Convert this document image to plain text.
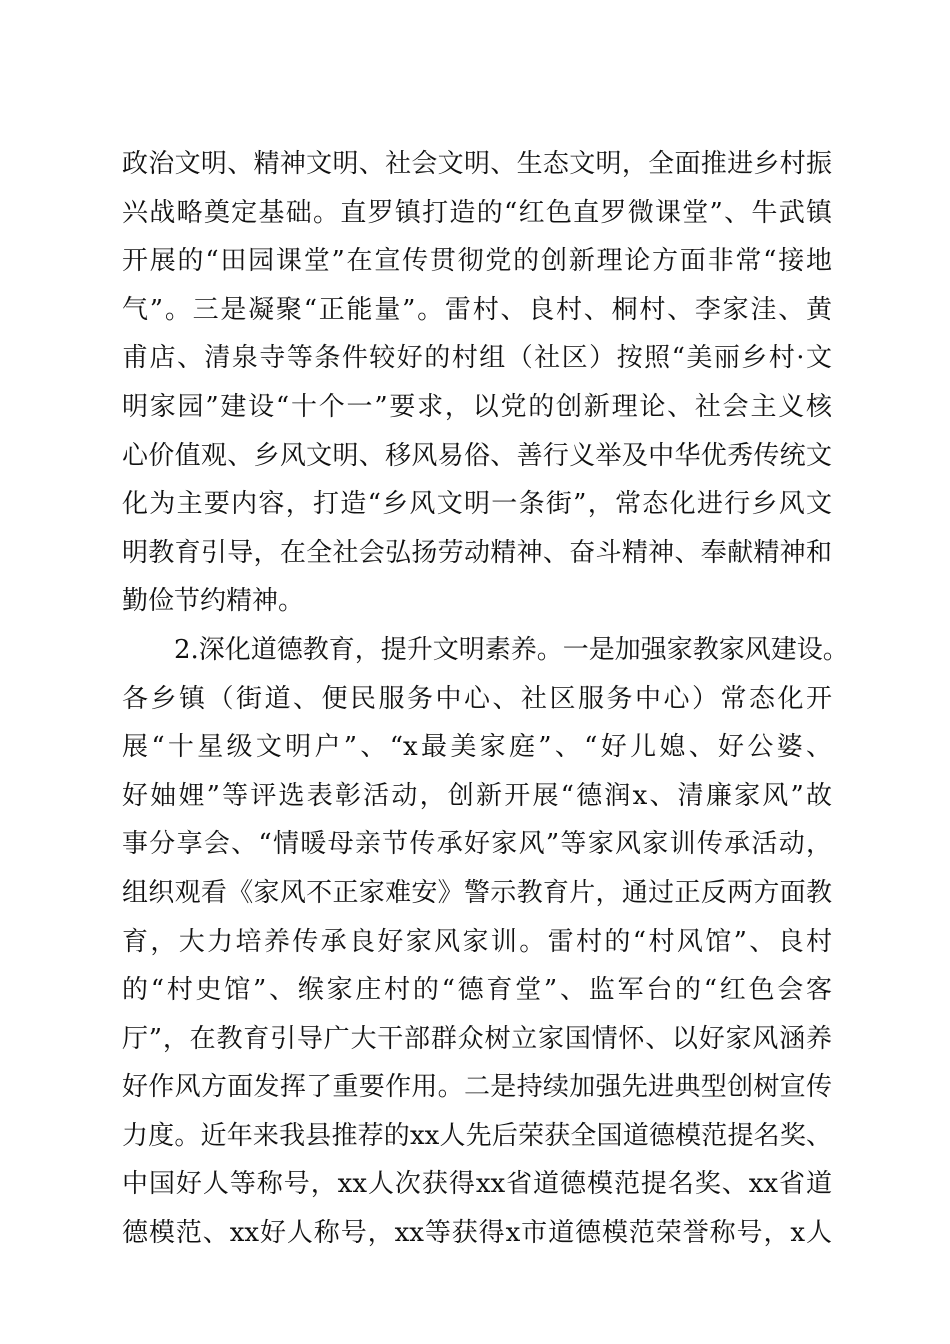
政治文明、精神文明、社会文明、生态文明，全面推进乡村振
兴战略奠定基础。直罗镇打造的“红色直罗微课堂”、牛武镇
开展的“田园课堂”在宣传贯彻党的创新理论方面非常“接地
气”。三是凝聚“正能量”。雷村、良村、桐村、李家洼、黄
甫店、清泉寺等条件较好的村组（社区）按照“美丽乡村·文
明家园”建设“十个一”要求，以党的创新理论、社会主义核
心价值观、乡风文明、移风易俗、善行义举及中华优秀传统文
化为主要内容，打造“乡风文明一条街”，常态化进行乡风文
明教育引导，在全社会弘扬劳动精神、奋斗精神、奉献精神和
勤俭节约精神。
2.深化道德教育，提升文明素养。一是加强家教家风建设。
各乡镇（街道、便民服务中心、社区服务中心）常态化开
展“十星级文明户”、“x最美家庭”、“好儿媳、好公婆、
好妯娌”等评选表彰活动，创新开展“德润x、清廉家风”故
事分享会、“情暖母亲节传承好家风”等家风家训传承活动，
组织观看《家风不正家难安》警示教育片，通过正反两方面教
育，大力培养传承良好家风家训。雷村的“村风馆”、良村
的“村史馆”、缑家庄村的“德育堂”、监军台的“红色会客
厅”，在教育引导广大干部群众树立家国情怀、以好家风涵养
好作风方面发挥了重要作用。二是持续加强先进典型创树宣传
力度。近年来我县推荐的xx人先后荣获全国道德模范提名奖、
中国好人等称号，xx人次获得xx省道德模范提名奖、xx省道
德模范、xx好人称号，xx等获得x市道德模范荣誉称号，x人
